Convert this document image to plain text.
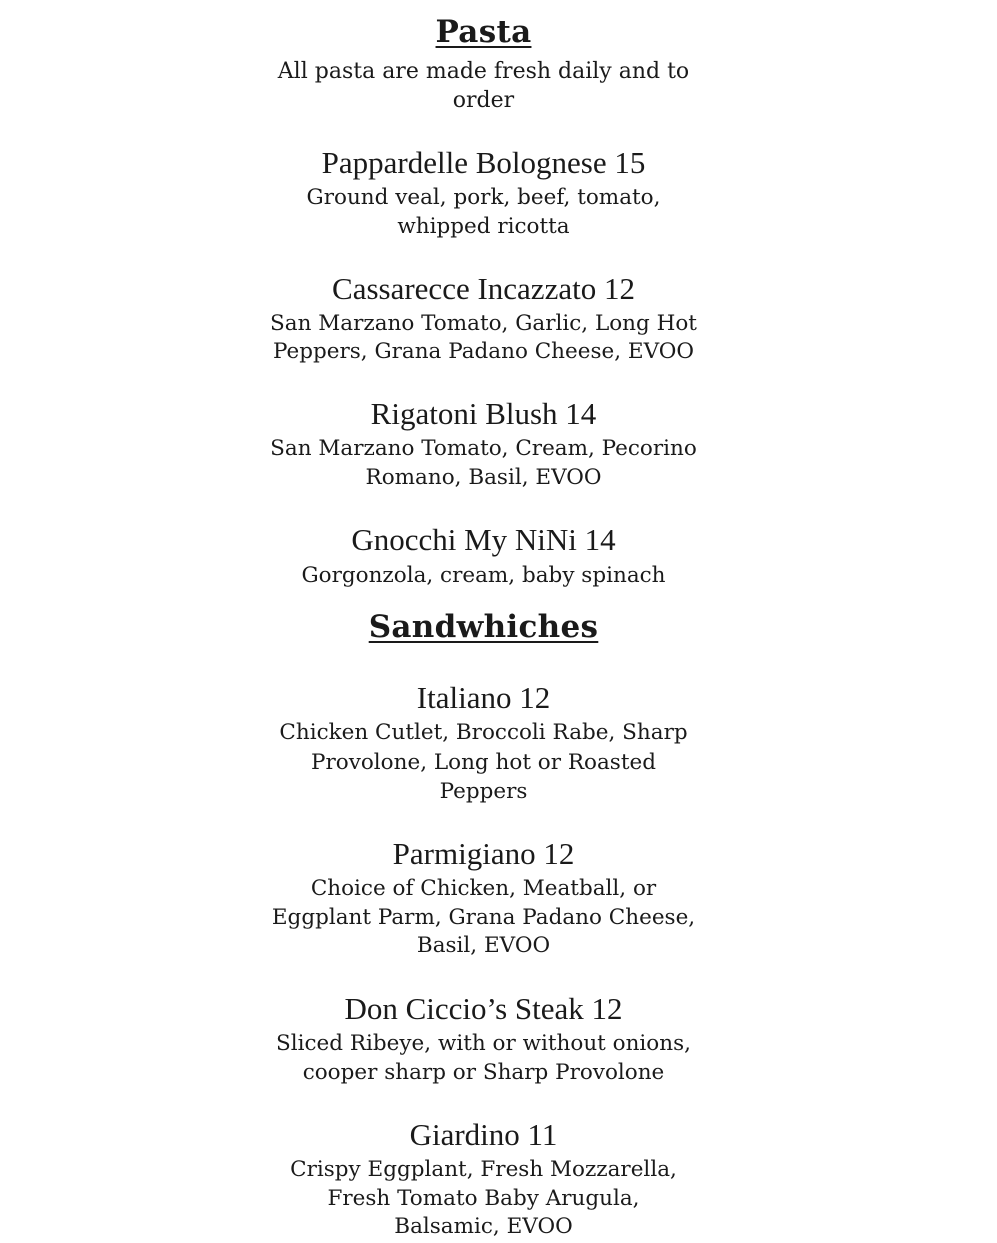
Pasta
All pasta are made fresh daily and to
order
Pappardelle Bolognese 15
Ground veal, pork, beef, tomato,
whipped ricotta
Cassarecce Incazzato 12
San Marzano Tomato, Garlic, Long Hot
Peppers, Grana Padano Cheese, EVOO
Rigatoni Blush 14
San Marzano Tomato, Cream, Pecorino
Romano, Basil, EVOO
Gnocchi My NiNi 14
Gorgonzola, cream, baby spinach
Sandwhiches
Italiano 12
Chicken Cutlet, Broccoli Rabe, Sharp
Provolone, Long hot or Roasted
Peppers
Parmigiano 12
Choice of Chicken, Meatball, or
Eggplant Parm, Grana Padano Cheese,
Basil, EVOO
Don Ciccio’s Steak 12
Sliced Ribeye, with or without onions,
cooper sharp or Sharp Provolone
Giardino 11
Crispy Eggplant, Fresh Mozzarella,
Fresh Tomato Baby Arugula,
Balsamic, EVOO
